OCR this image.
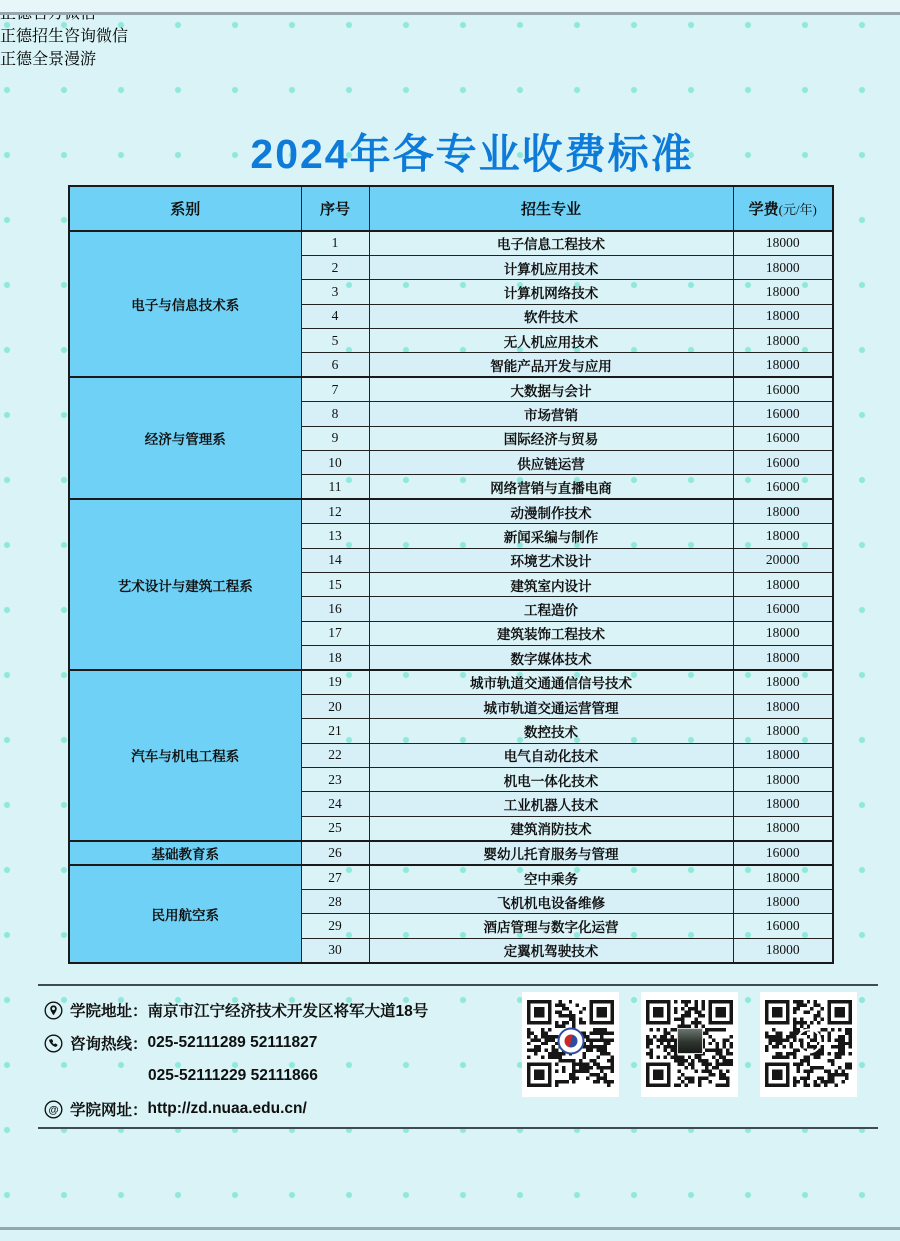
2024年各专业收费标准
系别	序号	招生专业	学费(元/年)
电子与信息技术系	1	电子信息工程技术	18000
	2	计算机应用技术	18000
	3	计算机网络技术	18000
	4	软件技术	18000
	5	无人机应用技术	18000
	6	智能产品开发与应用	18000
经济与管理系	7	大数据与会计	16000
	8	市场营销	16000
	9	国际经济与贸易	16000
	10	供应链运营	16000
	11	网络营销与直播电商	16000
艺术设计与建筑工程系	12	动漫制作技术	18000
	13	新闻采编与制作	18000
	14	环境艺术设计	20000
	15	建筑室内设计	18000
	16	工程造价	16000
	17	建筑装饰工程技术	18000
	18	数字媒体技术	18000
汽车与机电工程系	19	城市轨道交通通信信号技术	18000
	20	城市轨道交通运营管理	18000
	21	数控技术	18000
	22	电气自动化技术	18000
	23	机电一体化技术	18000
	24	工业机器人技术	18000
	25	建筑消防技术	18000
基础教育系	26	婴幼儿托育服务与管理	16000
民用航空系	27	空中乘务	18000
	28	飞机机电设备维修	18000
	29	酒店管理与数字化运营	16000
	30	定翼机驾驶技术	18000
学院地址： 南京市江宁经济技术开发区将军大道18号
咨询热线： 025-52111289 52111827
025-52111229 52111866
@ 学院网址： http://zd.nuaa.edu.cn/
正德招生咨询微信
正德全景漫游
